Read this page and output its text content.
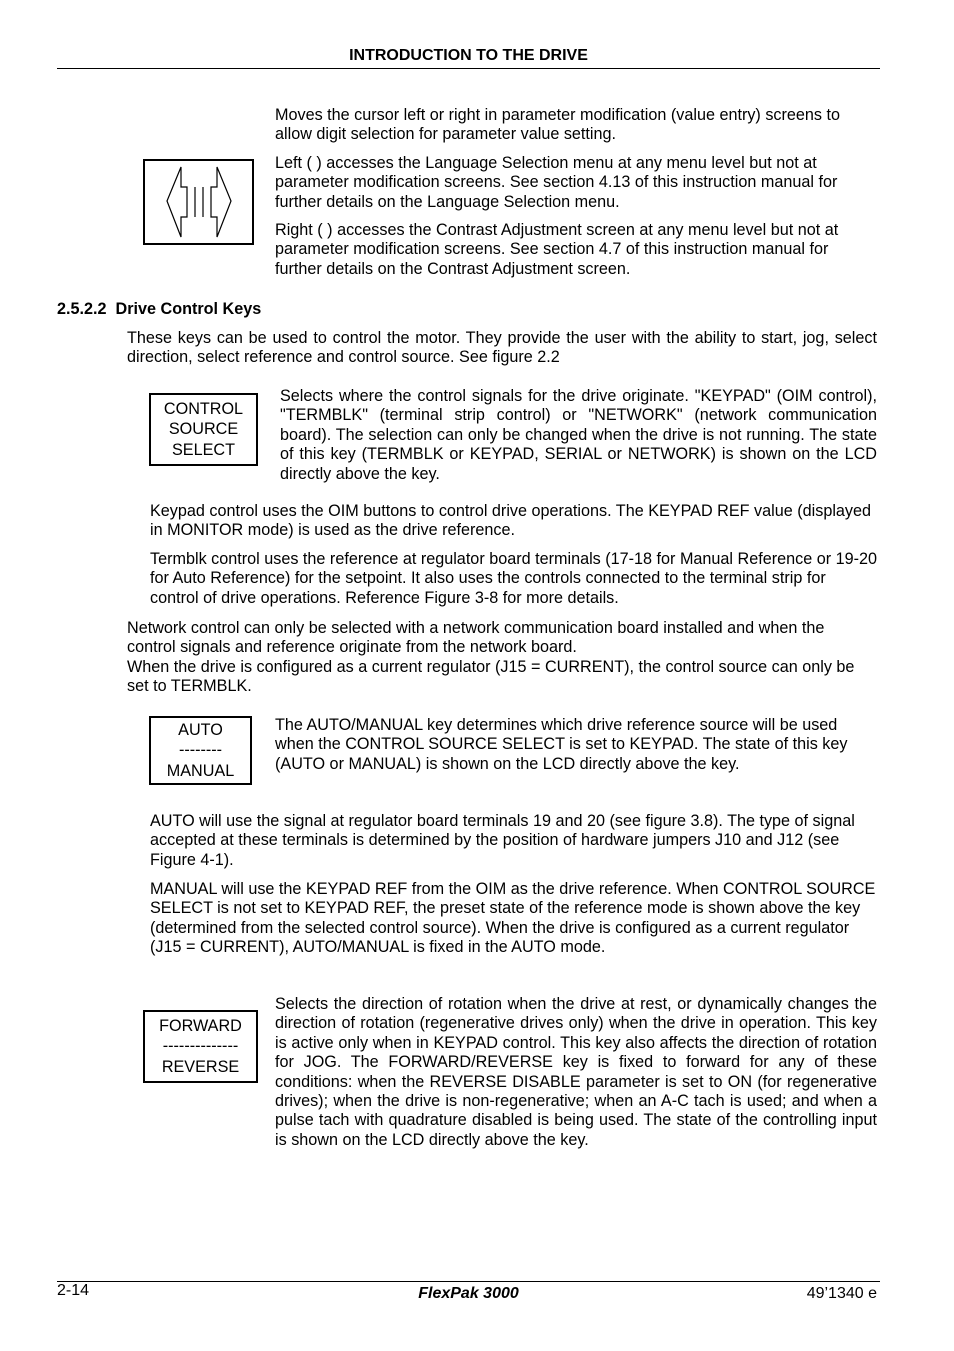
INTRODUCTION TO THE DRIVE

Moves the cursor left or right in parameter modification (value entry) screens to allow digit selection for parameter value setting.

Left ( ) accesses the Language Selection menu at any menu level but not at parameter modification screens. See section 4.13 of this instruction manual for further details on the Language Selection menu.

Right ( ) accesses the Contrast Adjustment screen at any menu level but not at parameter modification screens. See section 4.7 of this instruction manual for further details on the Contrast Adjustment screen.

2.5.2.2 Drive Control Keys

These keys can be used to control the motor. They provide the user with the ability to start, jog, select direction, select reference and control source. See figure 2.2

CONTROL
SOURCE
SELECT

Selects where the control signals for the drive originate. "KEYPAD" (OIM control), "TERMBLK" (terminal strip control) or "NETWORK" (network communication board). The selection can only be changed when the drive is not running. The state of this key (TERMBLK or KEYPAD, SERIAL or NETWORK) is shown on the LCD directly above the key.

Keypad control uses the OIM buttons to control drive operations. The KEYPAD REF value (displayed in MONITOR mode) is used as the drive reference.

Termblk control uses the reference at regulator board terminals (17-18 for Manual Reference or 19-20 for Auto Reference) for the setpoint. It also uses the controls connected to the terminal strip for control of drive operations. Reference Figure 3-8 for more details.

Network control can only be selected with a network communication board installed and when the control signals and reference originate from the network board.

When the drive is configured as a current regulator (J15 = CURRENT), the control source can only be set to TERMBLK.

AUTO
--------
MANUAL

The AUTO/MANUAL key determines which drive reference source will be used when the CONTROL SOURCE SELECT is set to KEYPAD. The state of this key (AUTO or MANUAL) is shown on the LCD directly above the key.

AUTO will use the signal at regulator board terminals 19 and 20 (see figure 3.8). The type of signal accepted at these terminals is determined by the position of hardware jumpers J10 and J12 (see Figure 4-1).

MANUAL will use the KEYPAD REF from the OIM as the drive reference. When CONTROL SOURCE SELECT is not set to KEYPAD REF, the preset state of the reference mode is shown above the key (determined from the selected control source). When the drive is configured as a current regulator (J15 = CURRENT), AUTO/MANUAL is fixed in the AUTO mode.

FORWARD
--------------
REVERSE

Selects the direction of rotation when the drive at rest, or dynamically changes the direction of rotation (regenerative drives only) when the drive in operation. This key is active only when in KEYPAD control. This key also affects the direction of rotation for JOG. The FORWARD/REVERSE key is fixed to forward for any of these conditions: when the REVERSE DISABLE parameter is set to ON (for regenerative drives); when the drive is non-regenerative; when an A-C tach is used; and when a pulse tach with quadrature disabled is being used. The state of the controlling input is shown on the LCD directly above the key.

2-14	FlexPak 3000	49’1340 e
